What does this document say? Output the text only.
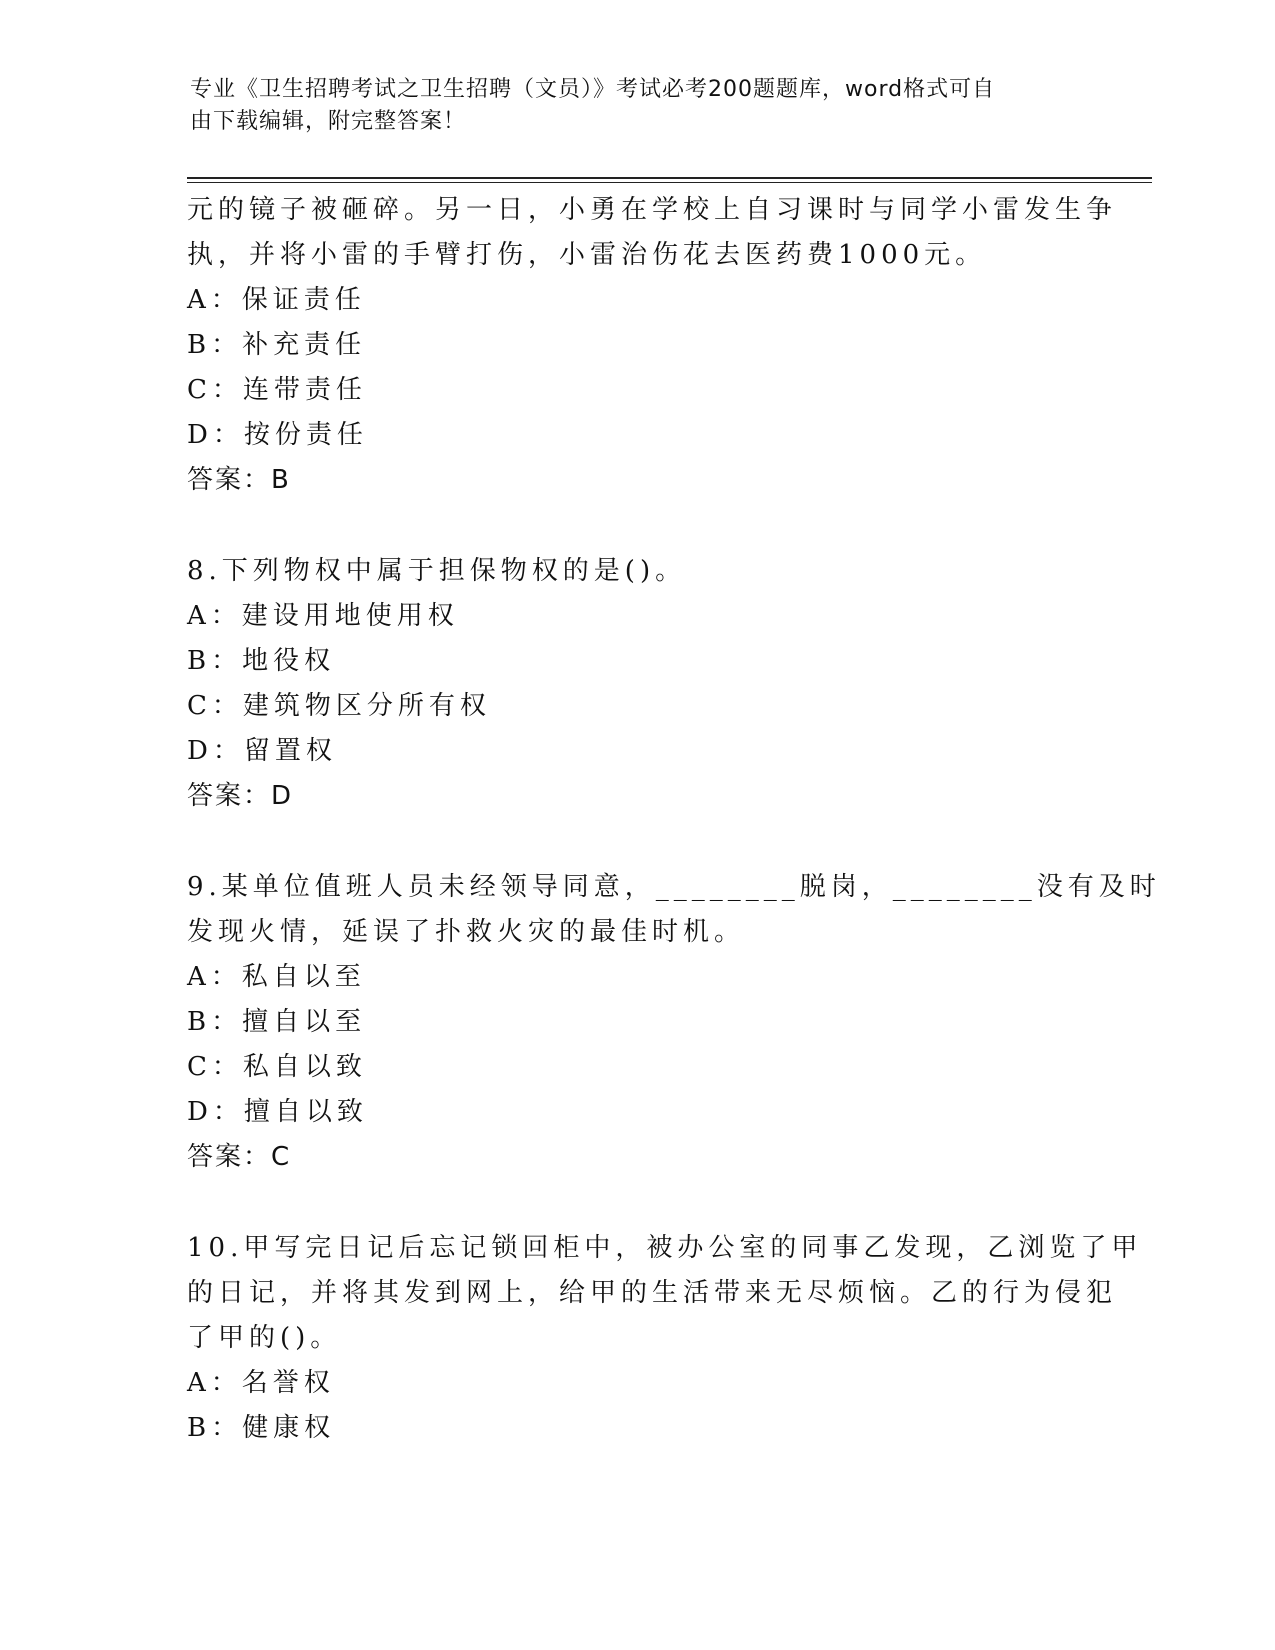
专业《卫生招聘考试之卫生招聘（文员）》考试必考200题题库，word格式可自
由下载编辑，附完整答案！
元的镜子被砸碎。另一日，小勇在学校上自习课时与同学小雷发生争
执，并将小雷的手臂打伤，小雷治伤花去医药费1000元。
A：保证责任
B：补充责任
C：连带责任
D：按份责任
答案：B
8.下列物权中属于担保物权的是()。
A：建设用地使用权
B：地役权
C：建筑物区分所有权
D：留置权
答案：D
9.某单位值班人员未经领导同意，________脱岗，________没有及时
发现火情，延误了扑救火灾的最佳时机。
A：私自以至
B：擅自以至
C：私自以致
D：擅自以致
答案：C
10.甲写完日记后忘记锁回柜中，被办公室的同事乙发现，乙浏览了甲
的日记，并将其发到网上，给甲的生活带来无尽烦恼。乙的行为侵犯
了甲的()。
A：名誉权
B：健康权
